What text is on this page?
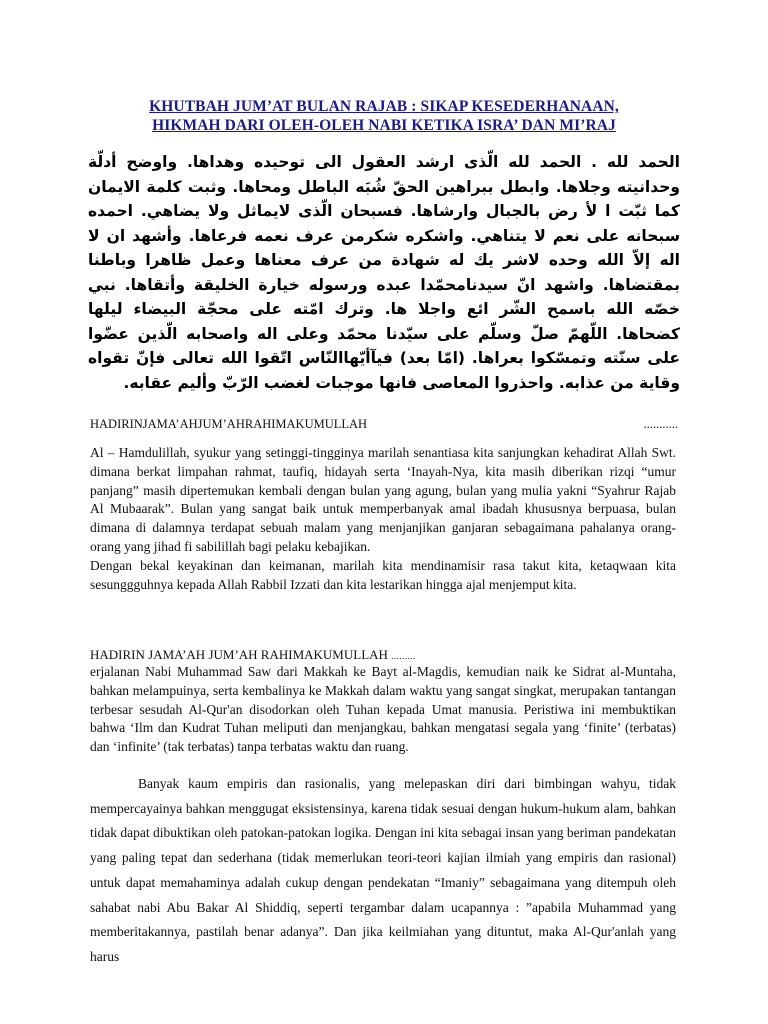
KHUTBAH JUM’AT BULAN RAJAB : SIKAP KESEDERHANAAN,
HIKMAH DARI OLEH-OLEH NABI KETIKA ISRA’ DAN MI’RAJ
الحمد لله . الحمد لله الّذى ارشد العقول الى توحيده وهداها. واوضح أدلّة وحدانيته وجلاها. وابطل ببراهين الحقّ شُبَه الباطل ومحاها. وثبت كلمة الايمان كما ثبّت ا لأ رض بالجبال وارشاها. فسبحان الّذى لايماثل ولا يضاهي. احمده سبحانه على نعم لا يتناهي. واشكره شكرمن عرف نعمه فرعاها. وأشهد ان لا اله إلاّ الله وحده لاشر يك له شهادة من عرف معناها وعمل ظاهرا وباطنا بمقتضاها. واشهد انّ سيدنامحمّدا عبده ورسوله خيارة الخليقة وأتقاها. نبي خصّه الله باسمح الشّر ائع واجلا ها. وترك امّته على محجّة البيضاء ليلها كضحاها. اللّهمّ صلّ وسلّم على سيّدنا محمّد وعلى اله واصحابه الّذين عضّوا على سنّته وتمسّكوا بعراها. (امّا بعد) فيآأيّهاالنّاس اتّقوا الله تعالى فإنّ تقواه وقاية من عذابه. واحذروا المعاصى فانها موجبات لغضب الرّبّ وأليم عقابه.
HADIRINJAMA’AHJUM’AHRAHIMAKUMULLAH	...........

Al – Hamdulillah, syukur yang setinggi-tingginya marilah senantiasa kita sanjungkan kehadirat Allah Swt. dimana berkat limpahan rahmat, taufiq, hidayah serta ‘Inayah-Nya, kita masih diberikan rizqi “umur panjang” masih dipertemukan kembali dengan bulan yang agung, bulan yang mulia yakni “Syahrur Rajab Al Mubaarak”. Bulan yang sangat baik untuk memperbanyak amal ibadah khususnya berpuasa, bulan dimana di dalamnya terdapat sebuah malam yang menjanjikan ganjaran sebagaimana pahalanya orang-orang yang jihad fi sabilillah bagi pelaku kebajikan.

Dengan bekal keyakinan dan keimanan, marilah kita mendinamisir rasa takut kita, ketaqwaan kita sesunggguhnya kepada Allah Rabbil Izzati dan kita lestarikan hingga ajal menjemput kita.

HADIRIN JAMA’AH JUM’AH RAHIMAKUMULLAH .........

erjalanan Nabi Muhammad Saw dari Makkah ke Bayt al-Magdis, kemudian naik ke Sidrat al-Muntaha, bahkan melampuinya, serta kembalinya ke Makkah dalam waktu yang sangat singkat, merupakan tantangan terbesar sesudah Al-Qur'an disodorkan oleh Tuhan kepada Umat manusia. Peristiwa ini membuktikan bahwa ‘Ilm dan Kudrat Tuhan meliputi dan menjangkau, bahkan mengatasi segala yang ‘finite’ (terbatas) dan ‘infinite’ (tak terbatas) tanpa terbatas waktu dan ruang.

Banyak kaum empiris dan rasionalis, yang melepaskan diri dari bimbingan wahyu, tidak mempercayainya bahkan menggugat eksistensinya, karena tidak sesuai dengan hukum-hukum alam, bahkan tidak dapat dibuktikan oleh patokan-patokan logika. Dengan ini kita sebagai insan yang beriman pandekatan yang paling tepat dan sederhana (tidak memerlukan teori-teori kajian ilmiah yang empiris dan rasional) untuk dapat memahaminya adalah cukup dengan pendekatan “Imaniy” sebagaimana yang ditempuh oleh sahabat nabi Abu Bakar Al Shiddiq, seperti tergambar dalam ucapannya : ”apabila Muhammad yang memberitakannya, pastilah benar adanya”. Dan jika keilmiahan yang dituntut, maka Al-Qur'anlah yang harus
